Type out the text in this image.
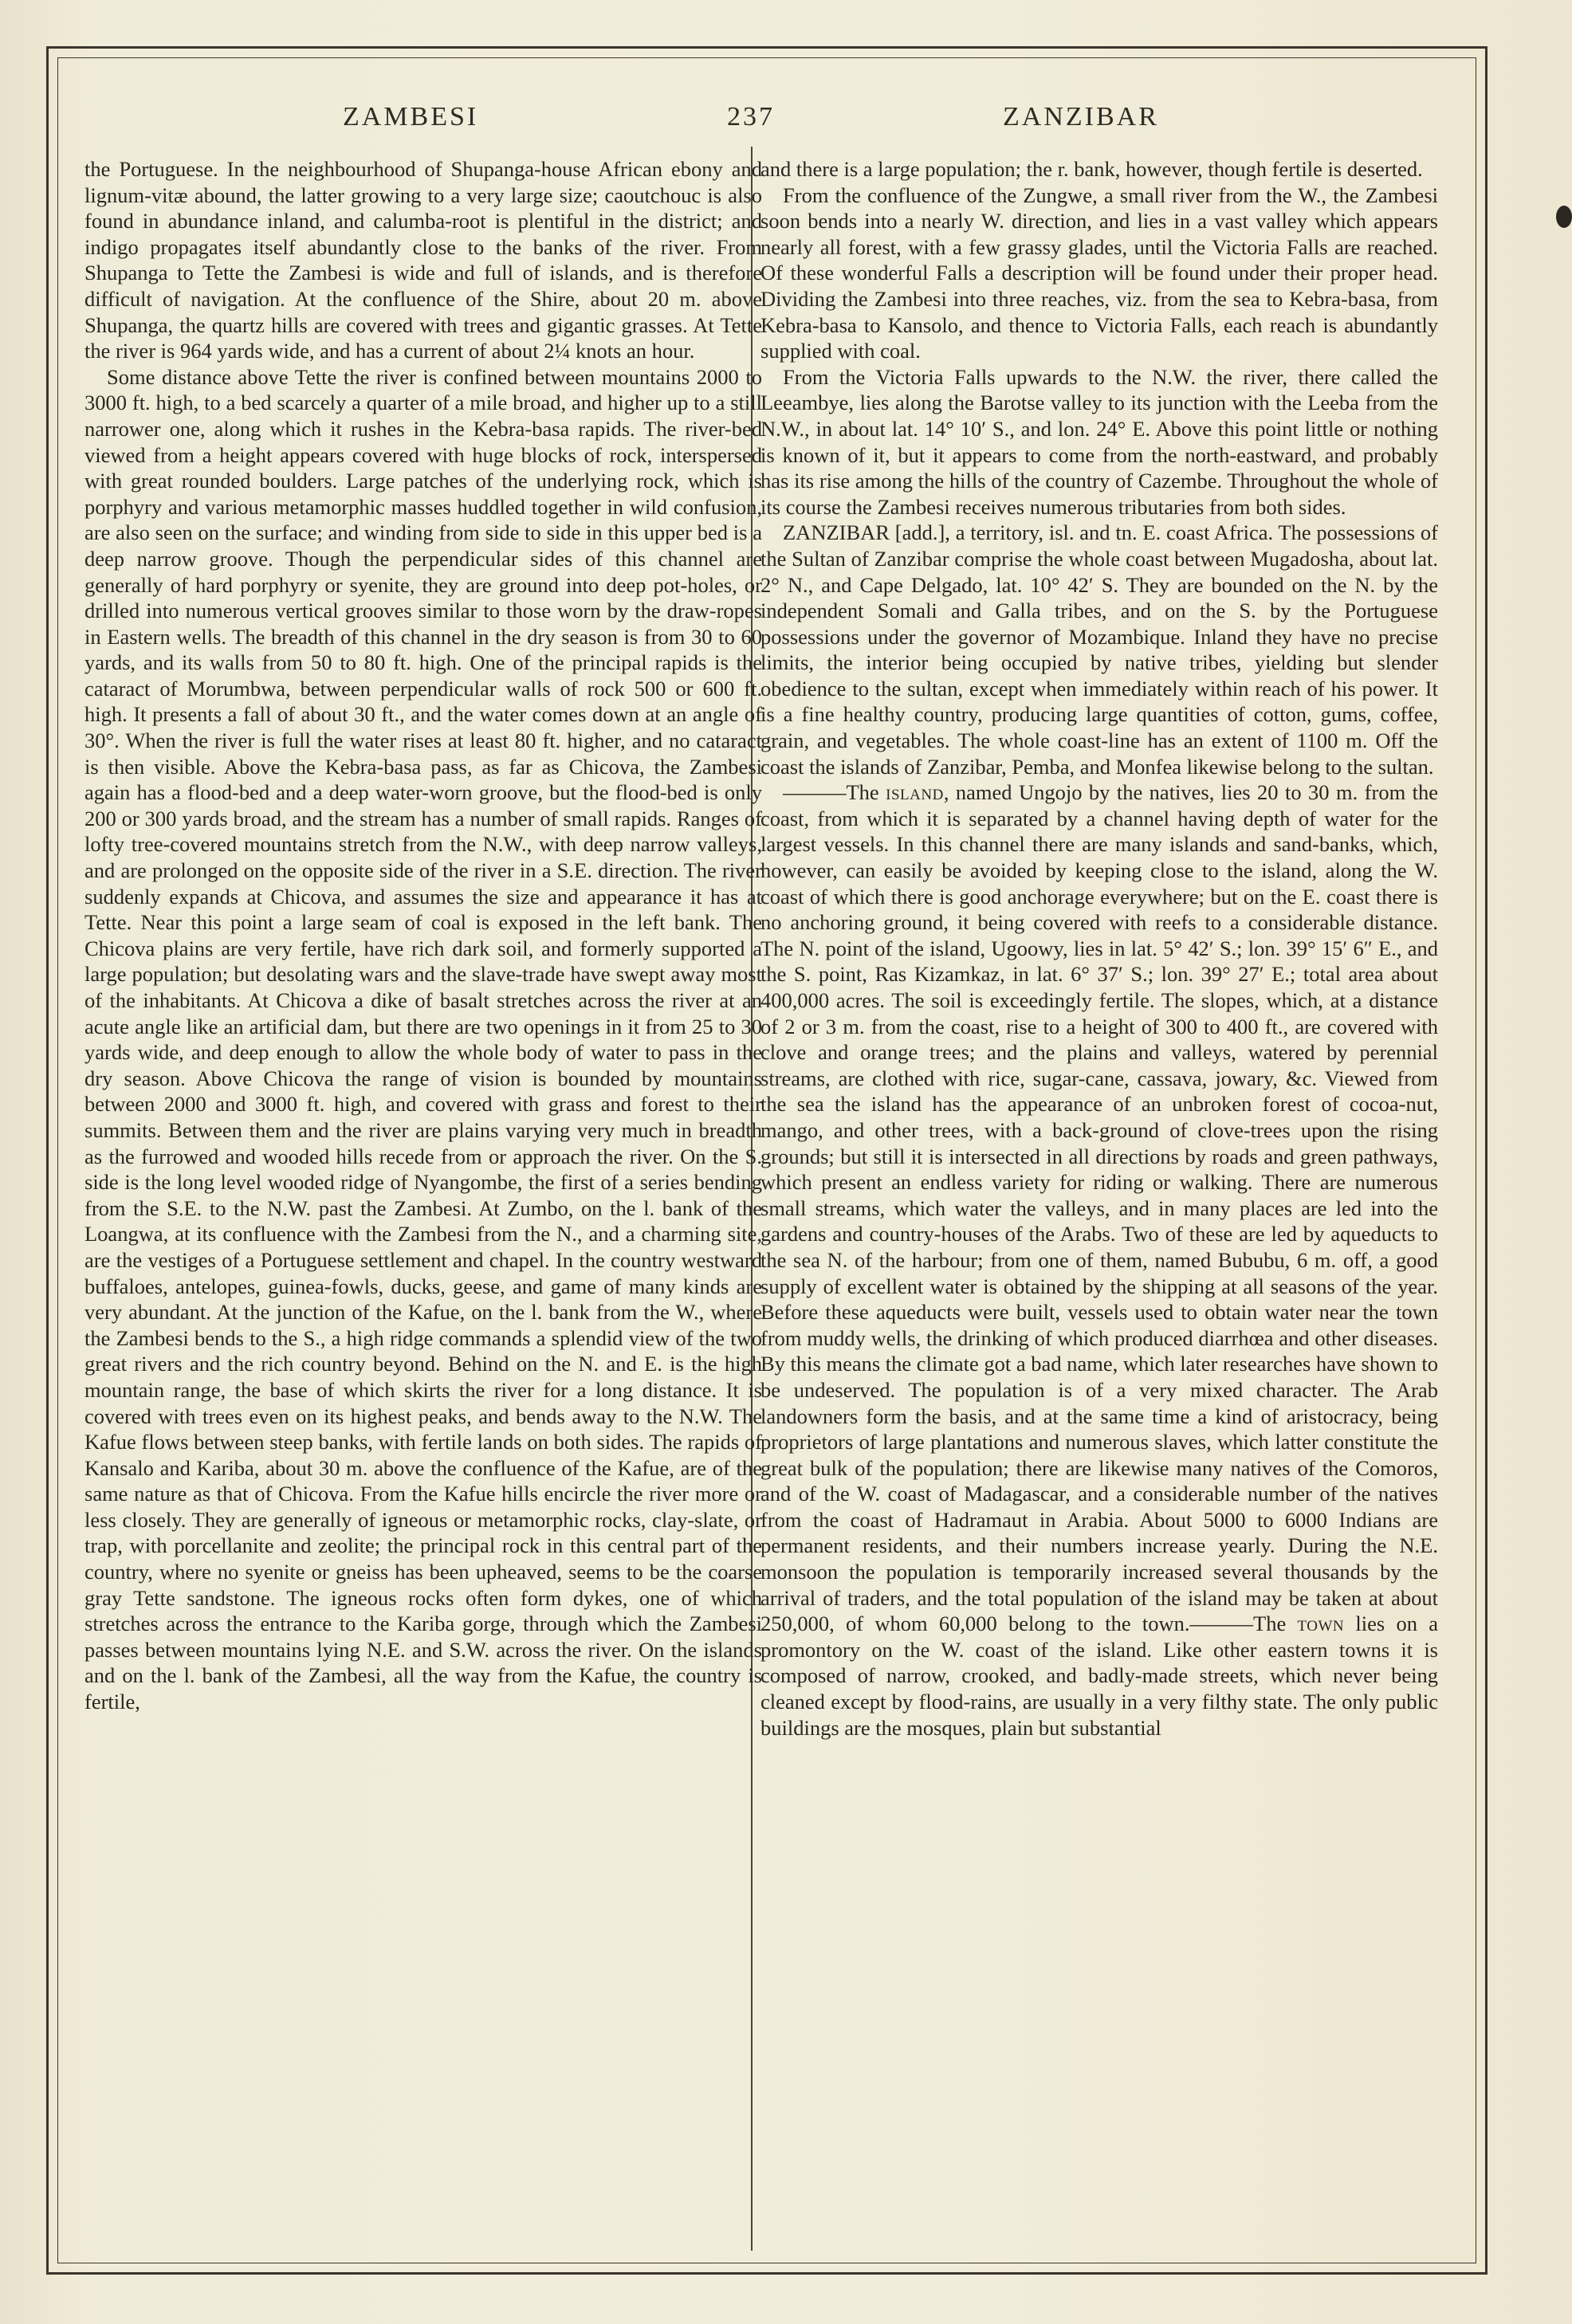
ZAMBESI	237	ZANZIBAR

the Portuguese. In the neighbourhood of Shupanga-house African ebony and lignum-vitæ abound, the latter growing to a very large size; caoutchouc is also found in abundance inland, and calumba-root is plentiful in the district; and indigo propagates itself abundantly close to the banks of the river. From Shupanga to Tette the Zambesi is wide and full of islands, and is therefore difficult of navigation. At the confluence of the Shire, about 20 m. above Shupanga, the quartz hills are covered with trees and gigantic grasses. At Tette the river is 964 yards wide, and has a current of about 2¼ knots an hour.

Some distance above Tette the river is confined between mountains 2000 to 3000 ft. high, to a bed scarcely a quarter of a mile broad, and higher up to a still narrower one, along which it rushes in the Kebra-basa rapids. The river-bed viewed from a height appears covered with huge blocks of rock, interspersed with great rounded boulders. Large patches of the underlying rock, which is porphyry and various metamorphic masses huddled together in wild confusion, are also seen on the surface; and winding from side to side in this upper bed is a deep narrow groove. Though the perpendicular sides of this channel are generally of hard porphyry or syenite, they are ground into deep pot-holes, or drilled into numerous vertical grooves similar to those worn by the draw-ropes in Eastern wells. The breadth of this channel in the dry season is from 30 to 60 yards, and its walls from 50 to 80 ft. high. One of the principal rapids is the cataract of Morumbwa, between perpendicular walls of rock 500 or 600 ft. high. It presents a fall of about 30 ft., and the water comes down at an angle of 30°. When the river is full the water rises at least 80 ft. higher, and no cataract is then visible. Above the Kebra-basa pass, as far as Chicova, the Zambesi again has a flood-bed and a deep water-worn groove, but the flood-bed is only 200 or 300 yards broad, and the stream has a number of small rapids. Ranges of lofty tree-covered mountains stretch from the N.W., with deep narrow valleys, and are prolonged on the opposite side of the river in a S.E. direction. The river suddenly expands at Chicova, and assumes the size and appearance it has at Tette. Near this point a large seam of coal is exposed in the left bank. The Chicova plains are very fertile, have rich dark soil, and formerly supported a large population; but desolating wars and the slave-trade have swept away most of the inhabitants. At Chicova a dike of basalt stretches across the river at an acute angle like an artificial dam, but there are two openings in it from 25 to 30 yards wide, and deep enough to allow the whole body of water to pass in the dry season. Above Chicova the range of vision is bounded by mountains between 2000 and 3000 ft. high, and covered with grass and forest to their summits. Between them and the river are plains varying very much in breadth as the furrowed and wooded hills recede from or approach the river. On the S. side is the long level wooded ridge of Nyangombe, the first of a series bending from the S.E. to the N.W. past the Zambesi. At Zumbo, on the l. bank of the Loangwa, at its confluence with the Zambesi from the N., and a charming site, are the vestiges of a Portuguese settlement and chapel. In the country westward buffaloes, antelopes, guinea-fowls, ducks, geese, and game of many kinds are very abundant. At the junction of the Kafue, on the l. bank from the W., where the Zambesi bends to the S., a high ridge commands a splendid view of the two great rivers and the rich country beyond. Behind on the N. and E. is the high mountain range, the base of which skirts the river for a long distance. It is covered with trees even on its highest peaks, and bends away to the N.W. The Kafue flows between steep banks, with fertile lands on both sides. The rapids of Kansalo and Kariba, about 30 m. above the confluence of the Kafue, are of the same nature as that of Chicova. From the Kafue hills encircle the river more or less closely. They are generally of igneous or metamorphic rocks, clay-slate, or trap, with porcellanite and zeolite; the principal rock in this central part of the country, where no syenite or gneiss has been upheaved, seems to be the coarse gray Tette sandstone. The igneous rocks often form dykes, one of which stretches across the entrance to the Kariba gorge, through which the Zambesi passes between mountains lying N.E. and S.W. across the river. On the islands and on the l. bank of the Zambesi, all the way from the Kafue, the country is fertile,

and there is a large population; the r. bank, however, though fertile is deserted.

From the confluence of the Zungwe, a small river from the W., the Zambesi soon bends into a nearly W. direction, and lies in a vast valley which appears nearly all forest, with a few grassy glades, until the Victoria Falls are reached. Of these wonderful Falls a description will be found under their proper head. Dividing the Zambesi into three reaches, viz. from the sea to Kebra-basa, from Kebra-basa to Kansolo, and thence to Victoria Falls, each reach is abundantly supplied with coal.

From the Victoria Falls upwards to the N.W. the river, there called the Leeambye, lies along the Barotse valley to its junction with the Leeba from the N.W., in about lat. 14° 10′ S., and lon. 24° E. Above this point little or nothing is known of it, but it appears to come from the north-eastward, and probably has its rise among the hills of the country of Cazembe. Throughout the whole of its course the Zambesi receives numerous tributaries from both sides.

ZANZIBAR [add.], a territory, isl. and tn. E. coast Africa. The possessions of the Sultan of Zanzibar comprise the whole coast between Mugadosha, about lat. 2° N., and Cape Delgado, lat. 10° 42′ S. They are bounded on the N. by the independent Somali and Galla tribes, and on the S. by the Portuguese possessions under the governor of Mozambique. Inland they have no precise limits, the interior being occupied by native tribes, yielding but slender obedience to the sultan, except when immediately within reach of his power. It is a fine healthy country, producing large quantities of cotton, gums, coffee, grain, and vegetables. The whole coast-line has an extent of 1100 m. Off the coast the islands of Zanzibar, Pemba, and Monfea likewise belong to the sultan.

———The island, named Ungojo by the natives, lies 20 to 30 m. from the coast, from which it is separated by a channel having depth of water for the largest vessels. In this channel there are many islands and sand-banks, which, however, can easily be avoided by keeping close to the island, along the W. coast of which there is good anchorage everywhere; but on the E. coast there is no anchoring ground, it being covered with reefs to a considerable distance. The N. point of the island, Ugoowy, lies in lat. 5° 42′ S.; lon. 39° 15′ 6″ E., and the S. point, Ras Kizamkaz, in lat. 6° 37′ S.; lon. 39° 27′ E.; total area about 400,000 acres. The soil is exceedingly fertile. The slopes, which, at a distance of 2 or 3 m. from the coast, rise to a height of 300 to 400 ft., are covered with clove and orange trees; and the plains and valleys, watered by perennial streams, are clothed with rice, sugar-cane, cassava, jowary, &c. Viewed from the sea the island has the appearance of an unbroken forest of cocoa-nut, mango, and other trees, with a back-ground of clove-trees upon the rising grounds; but still it is intersected in all directions by roads and green pathways, which present an endless variety for riding or walking. There are numerous small streams, which water the valleys, and in many places are led into the gardens and country-houses of the Arabs. Two of these are led by aqueducts to the sea N. of the harbour; from one of them, named Bububu, 6 m. off, a good supply of excellent water is obtained by the shipping at all seasons of the year. Before these aqueducts were built, vessels used to obtain water near the town from muddy wells, the drinking of which produced diarrhœa and other diseases. By this means the climate got a bad name, which later researches have shown to be undeserved. The population is of a very mixed character. The Arab landowners form the basis, and at the same time a kind of aristocracy, being proprietors of large plantations and numerous slaves, which latter constitute the great bulk of the population; there are likewise many natives of the Comoros, and of the W. coast of Madagascar, and a considerable number of the natives from the coast of Hadramaut in Arabia. About 5000 to 6000 Indians are permanent residents, and their numbers increase yearly. During the N.E. monsoon the population is temporarily increased several thousands by the arrival of traders, and the total population of the island may be taken at about 250,000, of whom 60,000 belong to the town.———The town lies on a promontory on the W. coast of the island. Like other eastern towns it is composed of narrow, crooked, and badly-made streets, which never being cleaned except by flood-rains, are usually in a very filthy state. The only public buildings are the mosques, plain but substantial
